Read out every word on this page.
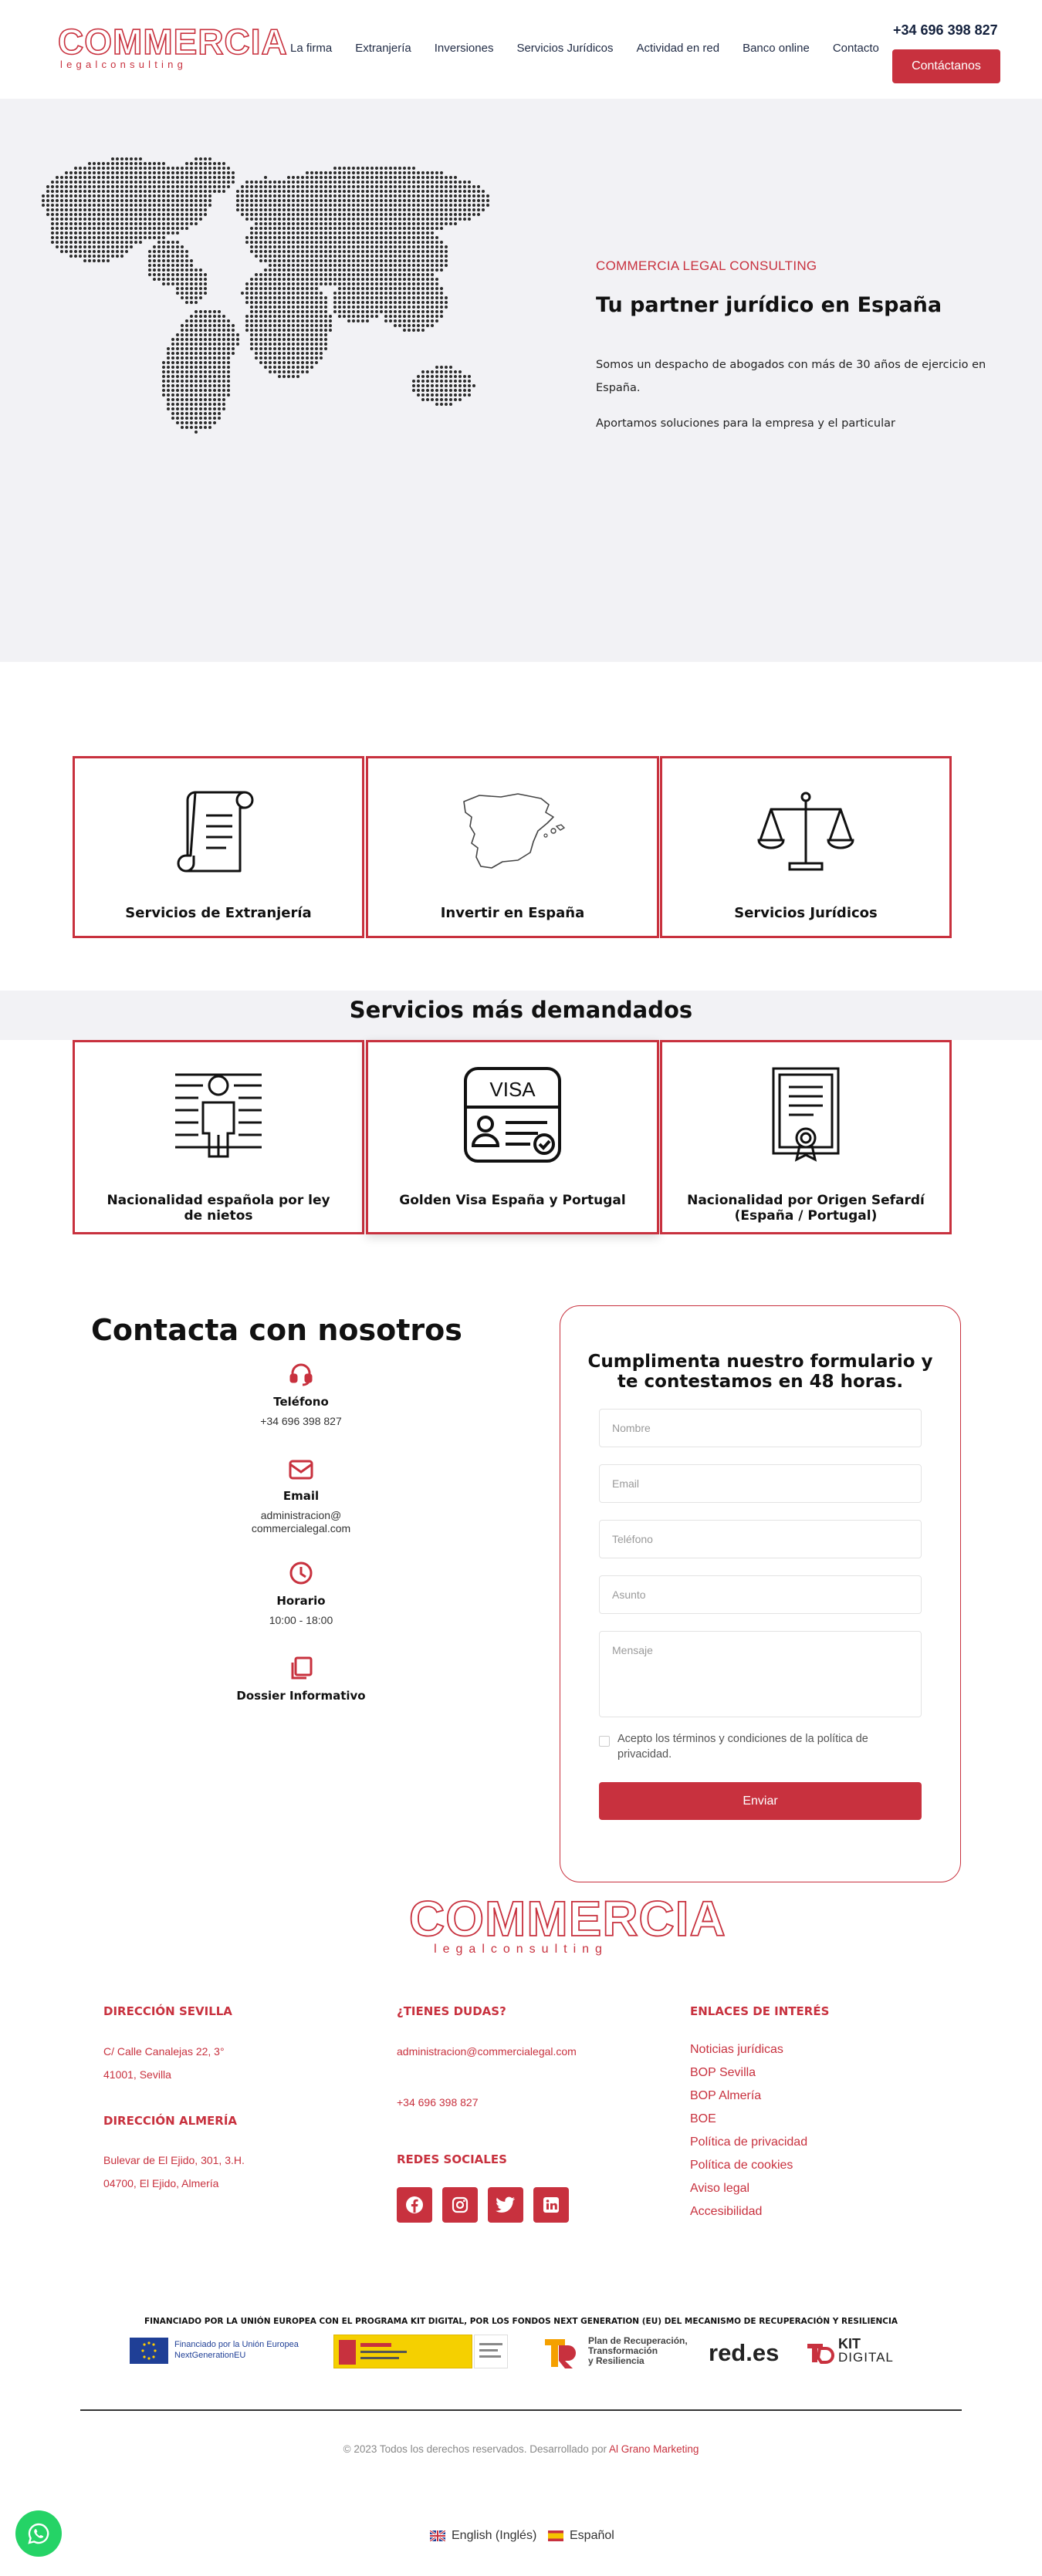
COMMERCIA
legalconsulting
La firma Extranjería Inversiones Servicios Jurídicos Actividad en red Banco online Contacto
+34 696 398 827
Contáctanos
COMMERCIA LEGAL CONSULTING
Tu partner jurídico en España
Somos un despacho de abogados con más de 30 años de ejercicio en España.
Aportamos soluciones para la empresa y el particular
Servicios de Extranjería	Invertir en España	Servicios Jurídicos
Servicios más demandados
Nacionalidad española por ley de nietos
VISA
Golden Visa España y Portugal	Nacionalidad por Origen Sefardí (España / Portugal)
Contacta con nosotros
Teléfono
+34 696 398 827
Email
administracion@
commercialegal.com
Horario
10:00 - 18:00
Dossier Informativo
Cumplimenta nuestro formulario y te contestamos en 48 horas.
Nombre
Email
Teléfono
Asunto
Mensaje
Acepto los términos y condiciones de la política de privacidad.
Enviar
COMMERCIA
legalconsulting
DIRECCIÓN SEVILLA
C/ Calle Canalejas 22, 3°
41001, Sevilla
DIRECCIÓN ALMERÍA
Bulevar de El Ejido, 301, 3.H.
04700, El Ejido, Almería
¿TIENES DUDAS?
administracion@commercialegal.com
+34 696 398 827
REDES SOCIALES
ENLACES DE INTERÉS
Noticias jurídicas
BOP Sevilla
BOP Almería
BOE
Política de privacidad
Política de cookies
Aviso legal
Accesibilidad
FINANCIADO POR LA UNIÓN EUROPEA CON EL PROGRAMA KIT DIGITAL, POR LOS FONDOS NEXT GENERATION (EU) DEL MECANISMO DE RECUPERACIÓN Y RESILIENCIA
Financiado por la Unión Europea
NextGenerationEU
Plan de Recuperación,
Transformación
y Resiliencia	red.es	KIT
DIGITAL
© 2023 Todos los derechos reservados. Desarrollado por Al Grano Marketing
English (Inglés)	Español
